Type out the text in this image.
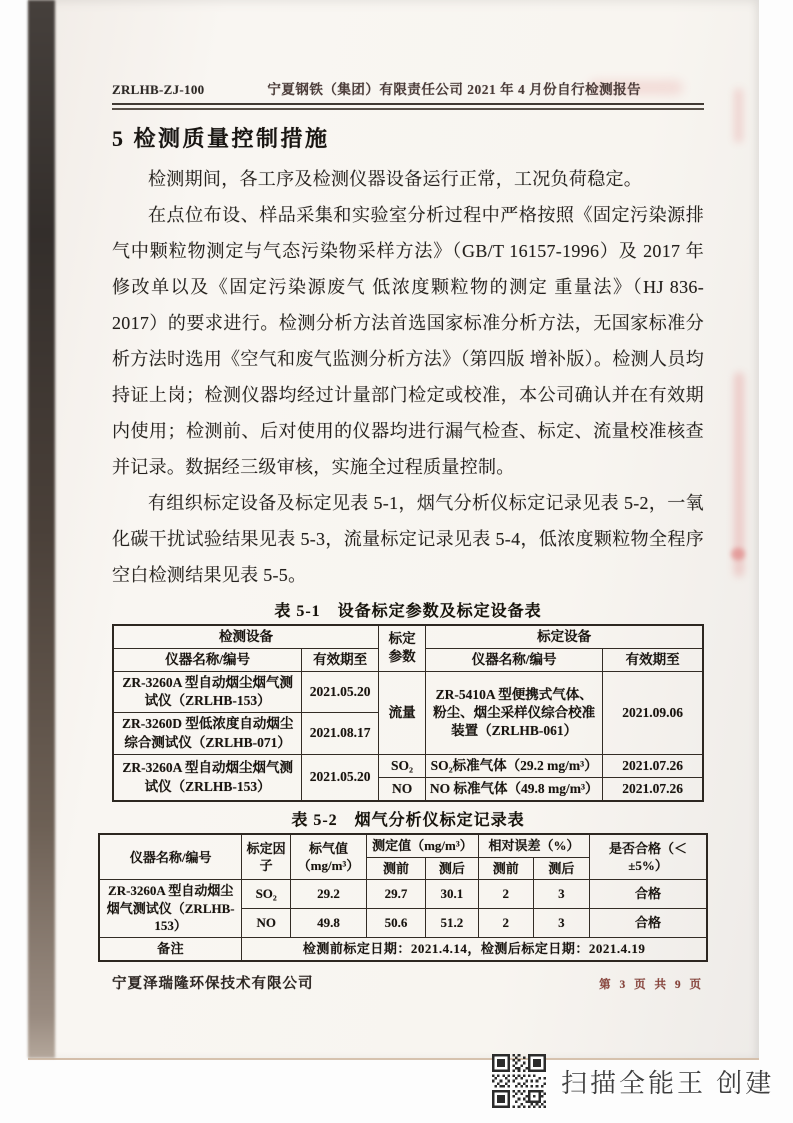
ZRLHB-ZJ-100	宁夏钢铁（集团）有限责任公司 2021 年 4 月份自行检测报告
5 检测质量控制措施

检测期间，各工序及检测仪器设备运行正常，工况负荷稳定。

在点位布设、样品采集和实验室分析过程中严格按照《固定污染源排气中颗粒物测定与气态污染物采样方法》（GB/T 16157-1996）及 2017 年修改单以及《固定污染源废气 低浓度颗粒物的测定 重量法》（HJ 836-2017）的要求进行。检测分析方法首选国家标准分析方法，无国家标准分析方法时选用《空气和废气监测分析方法》（第四版 增补版）。检测人员均持证上岗；检测仪器均经过计量部门检定或校准，本公司确认并在有效期内使用；检测前、后对使用的仪器均进行漏气检查、标定、流量校准核查并记录。数据经三级审核，实施全过程质量控制。

有组织标定设备及标定见表 5-1，烟气分析仪标定记录见表 5-2，一氧化碳干扰试验结果见表 5-3，流量标定记录见表 5-4，低浓度颗粒物全程序空白检测结果见表 5-5。

表 5-1　设备标定参数及标定设备表
检测设备		标定参数	标定设备	
仪器名称/编号	有效期至		仪器名称/编号	有效期至
ZR-3260A 型自动烟尘烟气测试仪（ZRLHB-153）	2021.05.20	流量	ZR-5410A 型便携式气体、粉尘、烟尘采样仪综合校准装置（ZRLHB-061）	2021.09.06
ZR-3260D 型低浓度自动烟尘综合测试仪（ZRLHB-071）	2021.08.17			
ZR-3260A 型自动烟尘烟气测试仪（ZRLHB-153）	2021.05.20	SO₂	SO₂标准气体（29.2 mg/m³）	2021.07.26
		NO	NO 标准气体（49.8 mg/m³）	2021.07.26
表 5-2　烟气分析仪标定记录表
仪器名称/编号	标定因子	标气值（mg/m³）	测定值（mg/m³）		相对误差（%）		是否合格（＜±5%）
			测前	测后	测前	测后	
ZR-3260A 型自动烟尘烟气测试仪（ZRLHB-153）	SO₂	29.2	29.7	30.1	2	3	合格
	NO	49.8	50.6	51.2	2	3	合格
备注	检测前标定日期：2021.4.14，检测后标定日期：2021.4.19						
宁夏泽瑞隆环保技术有限公司	第 3 页 共 9 页
扫描全能王 创建
